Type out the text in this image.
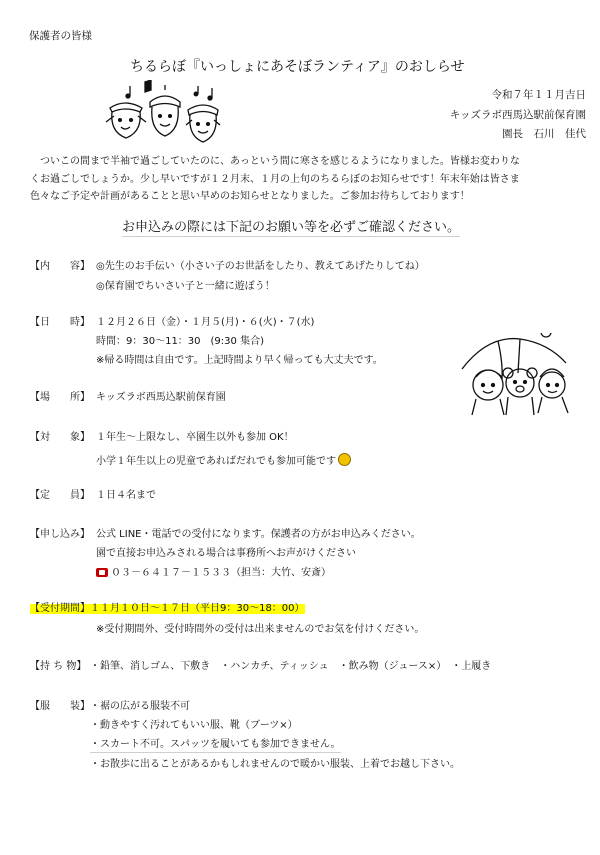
保護者の皆様
ちるらぼ『いっしょにあそぼランティア』のおしらせ
令和７年１１月吉日
キッズラボ西馬込駅前保育園
園長　石川　佳代
ついこの間まで半袖で過ごしていたのに、あっという間に寒さを感じるようになりました。皆様お変わりな
くお過ごしでしょうか。少し早いですが１２月末、１月の上旬のちるらぼのお知らせです！年末年始は皆さま
色々なご予定や計画があることと思い早めのお知らせとなりました。ご参加お待ちしております！
お申込みの際には下記のお願い等を必ずご確認ください。
【内　　容】 ◎先生のお手伝い（小さい子のお世話をしたり、教えてあげたりしてね）
◎保育園でちいさい子と一緒に遊ぼう！
【日　　時】 １２月２６日（金）・１月５(月)・６(火)・７(水)
時間：9：30～11：30　(9:30 集合)
※帰る時間は自由です。上記時間より早く帰っても大丈夫です。
【場　　所】 キッズラボ西馬込駅前保育園
【対　　象】 １年生～上限なし、卒園生以外も参加 OK！
小学１年生以上の児童であればだれでも参加可能です
【定　　員】 １日４名まで
【申し込み】 公式 LINE・電話での受付になります。保護者の方がお申込みください。
園で直接お申込みされる場合は事務所へお声がけください
０３－６４１７－１５３３（担当：大竹、安斎）
【受付期間】１１月１０日～１７日（平日9：30～18：00）
※受付期間外、受付時間外の受付は出来ませんのでお気を付けください。
【持 ち 物】 ・鉛筆、消しゴム、下敷き　・ハンカチ、ティッシュ　・飲み物（ジュース×）　・上履き
【服　　装】 ・裾の広がる服装不可
・動きやすく汚れてもいい服、靴（ブーツ×）
・スカート不可。スパッツを履いても参加できません。
・お散歩に出ることがあるかもしれませんので暖かい服装、上着でお越し下さい。
